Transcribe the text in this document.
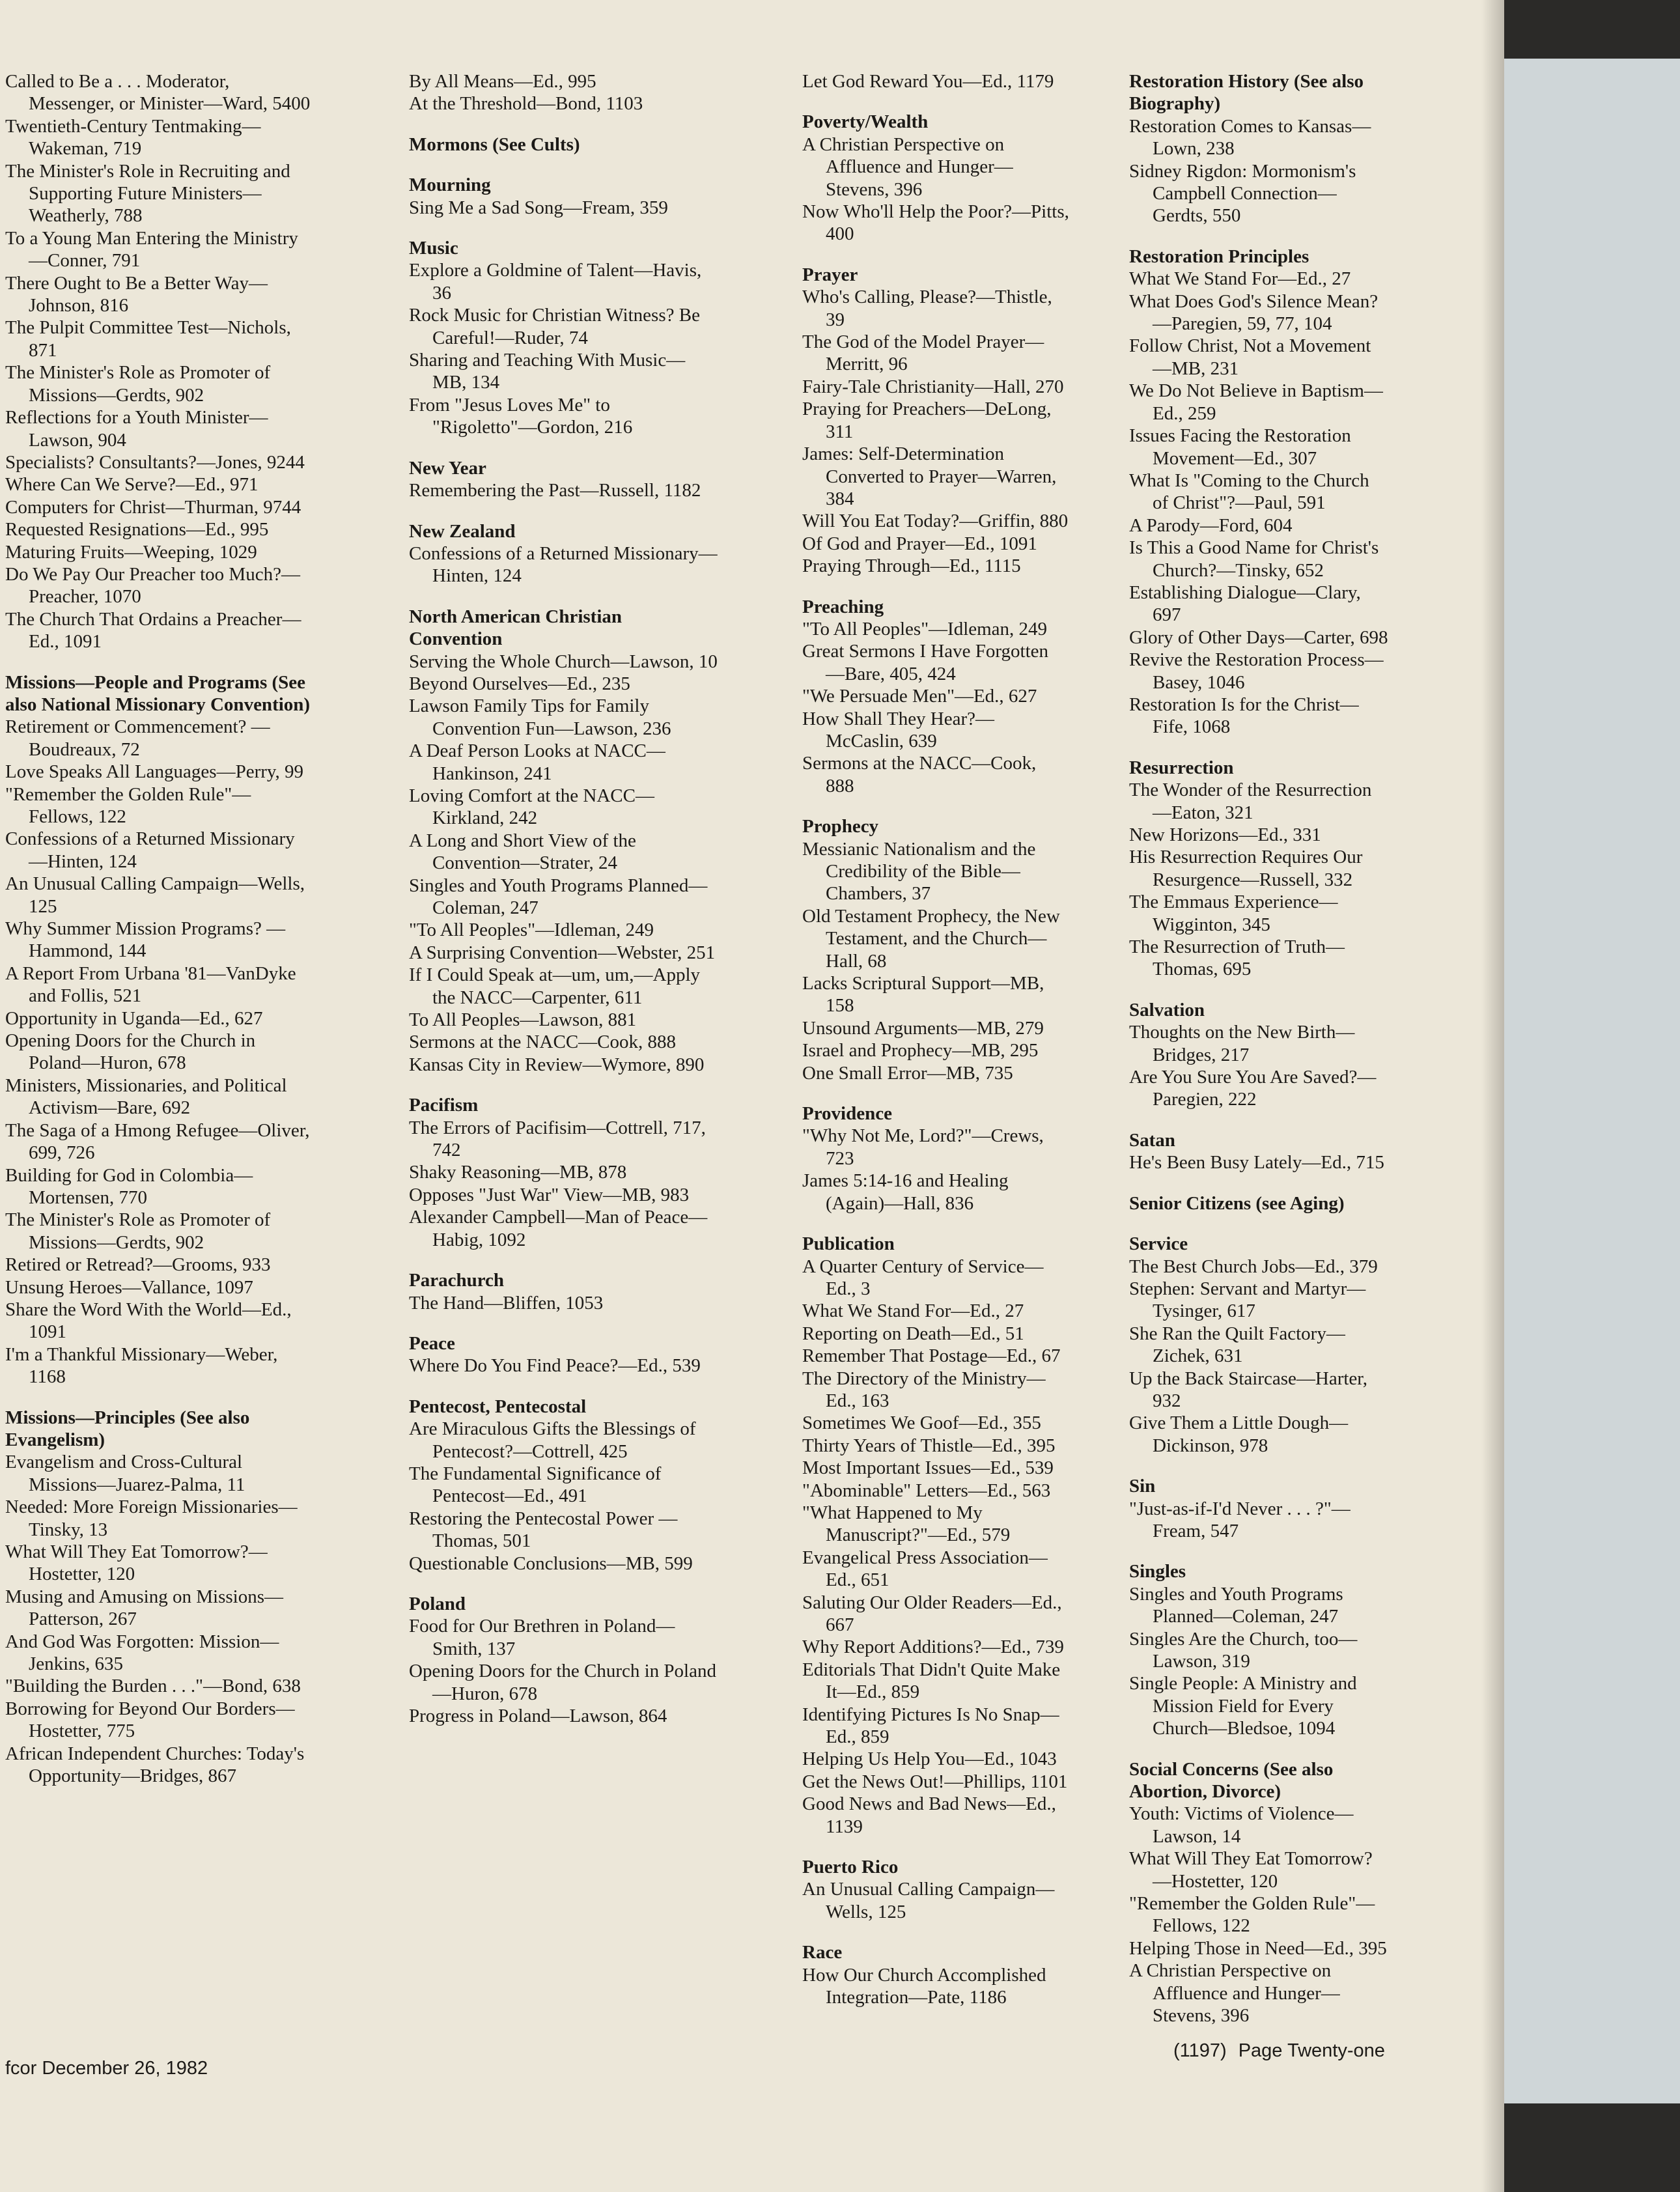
Called to Be a . . . Moderator, Messenger, or Minister—Ward, 5400
Twentieth-Century Tentmaking—Wakeman, 719
The Minister's Role in Recruiting and Supporting Future Ministers—Weatherly, 788
To a Young Man Entering the Ministry—Conner, 791
There Ought to Be a Better Way—Johnson, 816
The Pulpit Committee Test—Nichols, 871
The Minister's Role as Promoter of Missions—Gerdts, 902
Reflections for a Youth Minister—Lawson, 904
Specialists? Consultants?—Jones, 9244
Where Can We Serve?—Ed., 971
Computers for Christ—Thurman, 9744
Requested Resignations—Ed., 995
Maturing Fruits—Weeping, 1029
Do We Pay Our Preacher too Much?—Preacher, 1070
The Church That Ordains a Preacher—Ed., 1091
Missions—People and Programs (See also National Missionary Convention)
Retirement or Commencement? —Boudreaux, 72
Love Speaks All Languages—Perry, 99
"Remember the Golden Rule"—Fellows, 122
Confessions of a Returned Missionary—Hinten, 124
An Unusual Calling Campaign—Wells, 125
Why Summer Mission Programs? —Hammond, 144
A Report From Urbana '81—VanDyke and Follis, 521
Opportunity in Uganda—Ed., 627
Opening Doors for the Church in Poland—Huron, 678
Ministers, Missionaries, and Political Activism—Bare, 692
The Saga of a Hmong Refugee—Oliver, 699, 726
Building for God in Colombia—Mortensen, 770
The Minister's Role as Promoter of Missions—Gerdts, 902
Retired or Retread?—Grooms, 933
Unsung Heroes—Vallance, 1097
Share the Word With the World—Ed., 1091
I'm a Thankful Missionary—Weber, 1168
Missions—Principles (See also Evangelism)
Evangelism and Cross-Cultural Missions—Juarez-Palma, 11
Needed: More Foreign Missionaries—Tinsky, 13
What Will They Eat Tomorrow?—Hostetter, 120
Musing and Amusing on Missions—Patterson, 267
And God Was Forgotten: Mission—Jenkins, 635
"Building the Burden . . ."—Bond, 638
Borrowing for Beyond Our Borders—Hostetter, 775
African Independent Churches: Today's Opportunity—Bridges, 867
By All Means—Ed., 995
At the Threshold—Bond, 1103
Mormons (See Cults)
Mourning
Sing Me a Sad Song—Fream, 359
Music
Explore a Goldmine of Talent—Havis, 36
Rock Music for Christian Witness? Be Careful!—Ruder, 74
Sharing and Teaching With Music—MB, 134
From "Jesus Loves Me" to "Rigoletto"—Gordon, 216
New Year
Remembering the Past—Russell, 1182
New Zealand
Confessions of a Returned Missionary—Hinten, 124
North American Christian Convention
Serving the Whole Church—Lawson, 10
Beyond Ourselves—Ed., 235
Lawson Family Tips for Family Convention Fun—Lawson, 236
A Deaf Person Looks at NACC—Hankinson, 241
Loving Comfort at the NACC—Kirkland, 242
A Long and Short View of the Convention—Strater, 24
Singles and Youth Programs Planned—Coleman, 247
"To All Peoples"—Idleman, 249
A Surprising Convention—Webster, 251
If I Could Speak at—um, um,—Apply the NACC—Carpenter, 611
To All Peoples—Lawson, 881
Sermons at the NACC—Cook, 888
Kansas City in Review—Wymore, 890
Pacifism
The Errors of Pacifisim—Cottrell, 717, 742
Shaky Reasoning—MB, 878
Opposes "Just War" View—MB, 983
Alexander Campbell—Man of Peace—Habig, 1092
Parachurch
The Hand—Bliffen, 1053
Peace
Where Do You Find Peace?—Ed., 539
Pentecost, Pentecostal
Are Miraculous Gifts the Blessings of Pentecost?—Cottrell, 425
The Fundamental Significance of Pentecost—Ed., 491
Restoring the Pentecostal Power —Thomas, 501
Questionable Conclusions—MB, 599
Poland
Food for Our Brethren in Poland—Smith, 137
Opening Doors for the Church in Poland—Huron, 678
Progress in Poland—Lawson, 864
Let God Reward You—Ed., 1179
Poverty/Wealth
A Christian Perspective on Affluence and Hunger—Stevens, 396
Now Who'll Help the Poor?—Pitts, 400
Prayer
Who's Calling, Please?—Thistle, 39
The God of the Model Prayer—Merritt, 96
Fairy-Tale Christianity—Hall, 270
Praying for Preachers—DeLong, 311
James: Self-Determination Converted to Prayer—Warren, 384
Will You Eat Today?—Griffin, 880
Of God and Prayer—Ed., 1091
Praying Through—Ed., 1115
Preaching
"To All Peoples"—Idleman, 249
Great Sermons I Have Forgotten —Bare, 405, 424
"We Persuade Men"—Ed., 627
How Shall They Hear?—McCaslin, 639
Sermons at the NACC—Cook, 888
Prophecy
Messianic Nationalism and the Credibility of the Bible—Chambers, 37
Old Testament Prophecy, the New Testament, and the Church—Hall, 68
Lacks Scriptural Support—MB, 158
Unsound Arguments—MB, 279
Israel and Prophecy—MB, 295
One Small Error—MB, 735
Providence
"Why Not Me, Lord?"—Crews, 723
James 5:14-16 and Healing (Again)—Hall, 836
Publication
A Quarter Century of Service—Ed., 3
What We Stand For—Ed., 27
Reporting on Death—Ed., 51
Remember That Postage—Ed., 67
The Directory of the Ministry—Ed., 163
Sometimes We Goof—Ed., 355
Thirty Years of Thistle—Ed., 395
Most Important Issues—Ed., 539
"Abominable" Letters—Ed., 563
"What Happened to My Manuscript?"—Ed., 579
Evangelical Press Association—Ed., 651
Saluting Our Older Readers—Ed., 667
Why Report Additions?—Ed., 739
Editorials That Didn't Quite Make It—Ed., 859
Identifying Pictures Is No Snap—Ed., 859
Helping Us Help You—Ed., 1043
Get the News Out!—Phillips, 1101
Good News and Bad News—Ed., 1139
Puerto Rico
An Unusual Calling Campaign—Wells, 125
Race
How Our Church Accomplished Integration—Pate, 1186
Restoration History (See also Biography)
Restoration Comes to Kansas—Lown, 238
Sidney Rigdon: Mormonism's Campbell Connection—Gerdts, 550
Restoration Principles
What We Stand For—Ed., 27
What Does God's Silence Mean?—Paregien, 59, 77, 104
Follow Christ, Not a Movement—MB, 231
We Do Not Believe in Baptism—Ed., 259
Issues Facing the Restoration Movement—Ed., 307
What Is "Coming to the Church of Christ"?—Paul, 591
A Parody—Ford, 604
Is This a Good Name for Christ's Church?—Tinsky, 652
Establishing Dialogue—Clary, 697
Glory of Other Days—Carter, 698
Revive the Restoration Process—Basey, 1046
Restoration Is for the Christ—Fife, 1068
Resurrection
The Wonder of the Resurrection—Eaton, 321
New Horizons—Ed., 331
His Resurrection Requires Our Resurgence—Russell, 332
The Emmaus Experience—Wigginton, 345
The Resurrection of Truth—Thomas, 695
Salvation
Thoughts on the New Birth—Bridges, 217
Are You Sure You Are Saved?—Paregien, 222
Satan
He's Been Busy Lately—Ed., 715
Senior Citizens (see Aging)
Service
The Best Church Jobs—Ed., 379
Stephen: Servant and Martyr—Tysinger, 617
She Ran the Quilt Factory—Zichek, 631
Up the Back Staircase—Harter, 932
Give Them a Little Dough—Dickinson, 978
Sin
"Just-as-if-I'd Never . . . ?"—Fream, 547
Singles
Singles and Youth Programs Planned—Coleman, 247
Singles Are the Church, too—Lawson, 319
Single People: A Ministry and Mission Field for Every Church—Bledsoe, 1094
Social Concerns (See also Abortion, Divorce)
Youth: Victims of Violence—Lawson, 14
What Will They Eat Tomorrow? —Hostetter, 120
"Remember the Golden Rule"—Fellows, 122
Helping Those in Need—Ed., 395
A Christian Perspective on Affluence and Hunger—Stevens, 396
fcor December 26, 1982
(1197) Page Twenty-one
